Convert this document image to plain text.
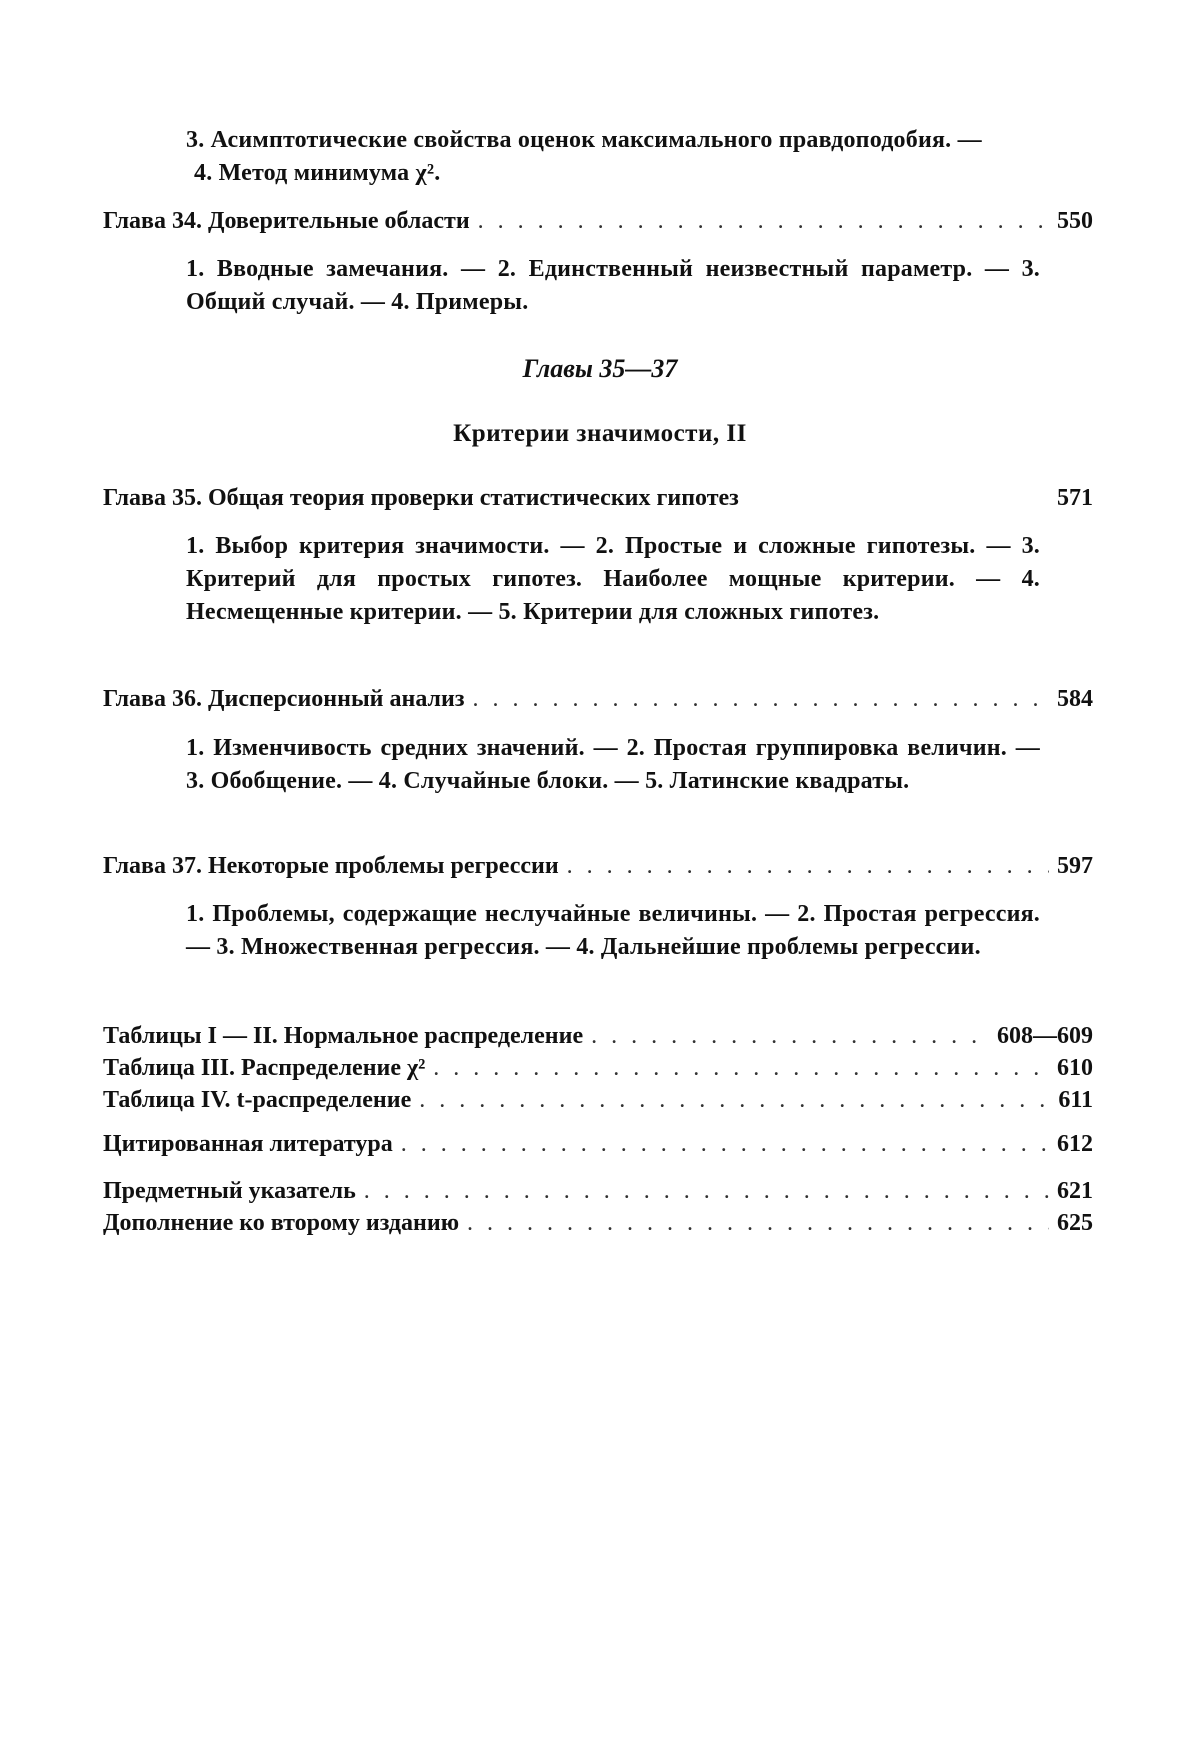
3. Асимптотические свойства оценок максимального правдоподобия. —
4. Метод минимума χ².
Глава 34. Доверительные области . . .	550
1. Вводные замечания. — 2. Единственный неизвестный параметр. — 3. Общий случай. — 4. Примеры.
Главы 35—37
Критерии значимости, II
Глава 35. Общая теория проверки статистических гипотез	571
1. Выбор критерия значимости. — 2. Простые и сложные гипотезы. — 3. Критерий для простых гипотез. Наиболее мощные критерии. — 4. Несмещенные критерии. — 5. Критерии для сложных гипотез.
Глава 36. Дисперсионный анализ . . .	584
1. Изменчивость средних значений. — 2. Простая группировка величин. — 3. Обобщение. — 4. Случайные блоки. — 5. Латинские квадраты.
Глава 37. Некоторые проблемы регрессии . . .	597
1. Проблемы, содержащие неслучайные величины. — 2. Простая регрессия. — 3. Множественная регрессия. — 4. Дальнейшие проблемы регрессии.
Таблицы I — II. Нормальное распределение . . .	608—609
Таблица III. Распределение χ² . . .	610
Таблица IV. t-распределение . . .	611
Цитированная литература . . .	612
Предметный указатель . . .	621
Дополнение ко второму изданию . . .	625
